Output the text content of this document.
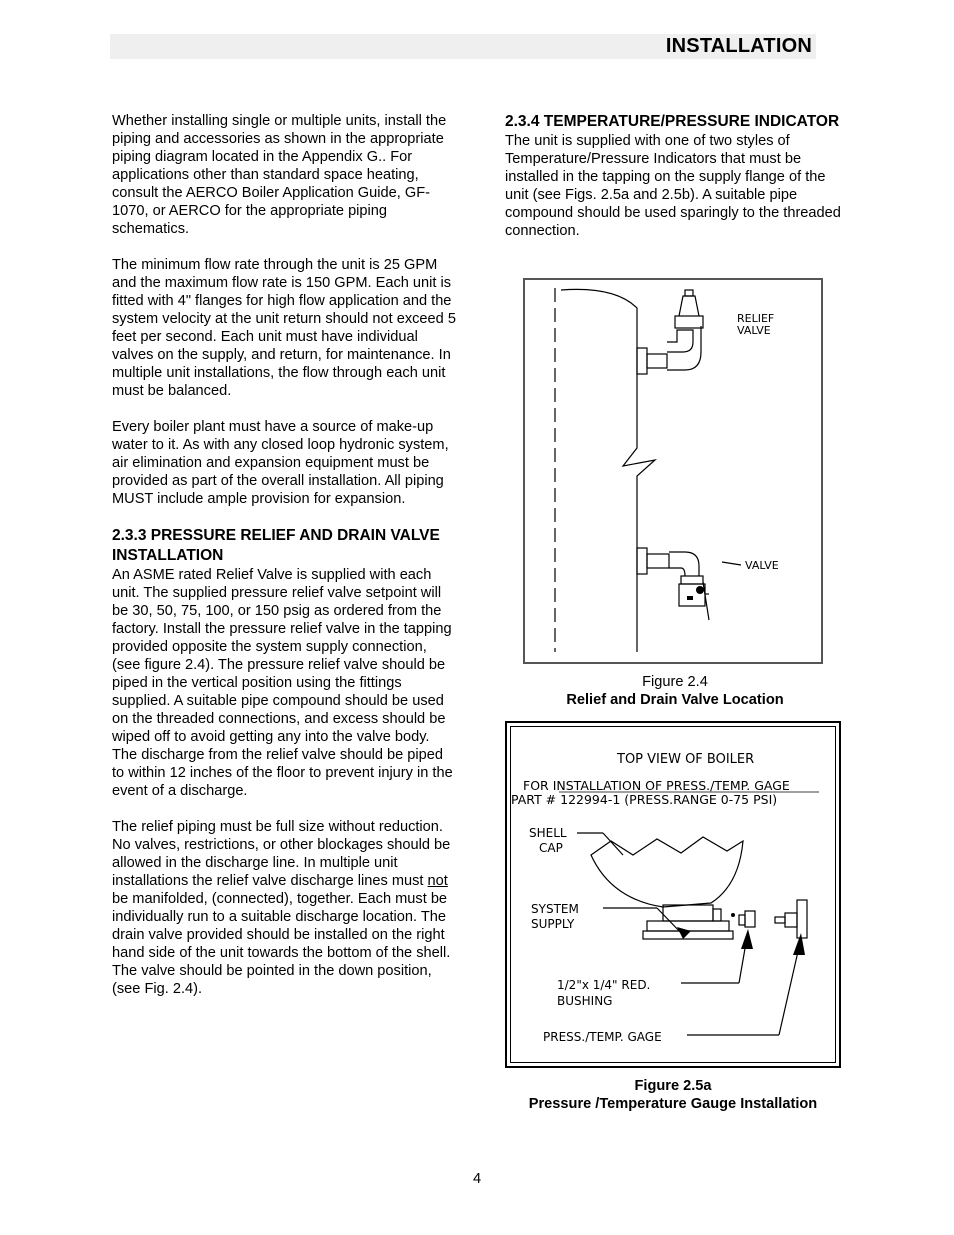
INSTALLATION

Whether installing single or multiple units, install the piping and accessories as shown in the appropriate piping diagram located in the Appendix G.. For applications other than standard space heating, consult the AERCO Boiler Application Guide, GF-1070, or AERCO for the appropriate piping schematics.

The minimum flow rate through the unit is 25 GPM and the maximum flow rate is 150 GPM. Each unit is fitted with 4" flanges for high flow application and the system velocity at the unit return should not exceed 5 feet per second. Each unit must have individual valves on the supply, and return, for maintenance. In multiple unit installations, the flow through each unit must be balanced.

Every boiler plant must have a source of make-up water to it. As with any closed loop hydronic system, air elimination and expansion equipment must be provided as part of the overall installation. All piping MUST include ample provision for expansion.

2.3.3 PRESSURE RELIEF AND DRAIN VALVE INSTALLATION

An ASME rated Relief Valve is supplied with each unit. The supplied pressure relief valve setpoint will be 30, 50, 75, 100, or 150 psig as ordered from the factory. Install the pressure relief valve in the tapping provided opposite the system supply connection, (see figure 2.4). The pressure relief valve should be piped in the vertical position using the fittings supplied. A suitable pipe compound should be used on the threaded connections, and excess should be wiped off to avoid getting any into the valve body. The discharge from the relief valve should be piped to within 12 inches of the floor to prevent injury in the event of a discharge.

The relief piping must be full size without reduction. No valves, restrictions, or other blockages should be allowed in the discharge line. In multiple unit installations the relief valve discharge lines must not be manifolded, (connected), together. Each must be individually run to a suitable discharge location. The drain valve provided should be installed on the right hand side of the unit towards the bottom of the shell. The valve should be pointed in the down position, (see Fig. 2.4).

2.3.4 TEMPERATURE/PRESSURE INDICATOR

The unit is supplied with one of two styles of Temperature/Pressure Indicators that must be installed in the tapping on the supply flange of the unit (see Figs. 2.5a and 2.5b). A suitable pipe compound should be used sparingly to the threaded connection.

RELIEF
VALVE
VALVE
Figure 2.4
Relief and Drain Valve Location
TOP VIEW OF BOILER
FOR INSTALLATION OF PRESS./TEMP. GAGE
PART # 122994-1 (PRESS.RANGE 0-75 PSI)
SHELL
CAP
SYSTEM
SUPPLY
1/2"x 1/4" RED.
BUSHING
PRESS./TEMP. GAGE
Figure 2.5a
Pressure /Temperature Gauge Installation
4
